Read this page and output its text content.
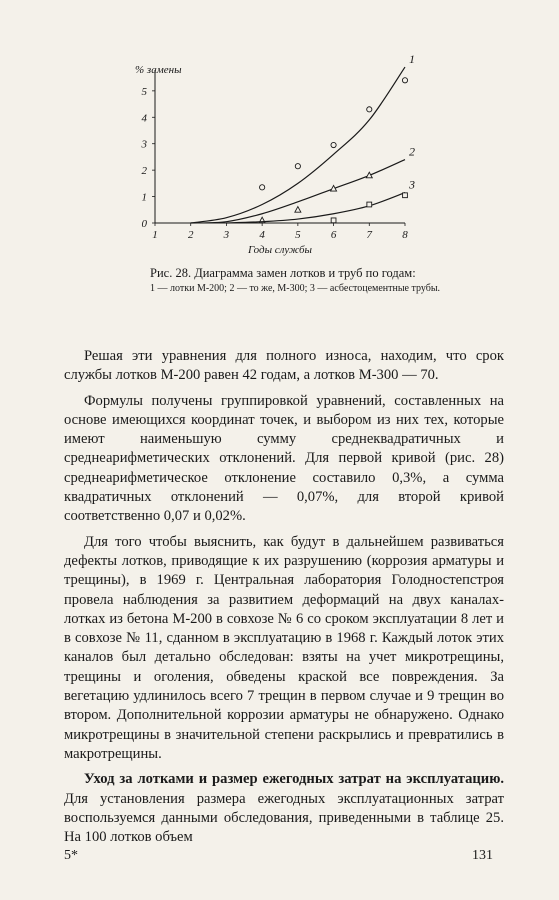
1	2	3	4	5	6	7	8
0
1
2
3
4
5
% замены
Годы службы
1
2
3
Рис. 28. Диаграмма замен лотков и труб по годам:
1 — лотки М-200; 2 — то же, М-300; 3 — асбестоцементные трубы.

Решая эти уравнения для полного износа, находим, что срок службы лотков М-200 равен 42 годам, а лотков М-300 — 70.

Формулы получены группировкой уравнений, составленных на основе имеющихся координат точек, и выбором из них тех, которые имеют наименьшую сумму среднеквадратичных и среднеарифметических отклонений. Для первой кривой (рис. 28) среднеарифметическое отклонение составило 0,3%, а сумма квадратичных отклонений — 0,07%, для второй кривой соответственно 0,07 и 0,02%.

Для того чтобы выяснить, как будут в дальнейшем развиваться дефекты лотков, приводящие к их разрушению (коррозия арматуры и трещины), в 1969 г. Центральная лаборатория Голодностепстроя провела наблюдения за развитием деформаций на двух каналах-лотках из бетона М-200 в совхозе № 6 со сроком эксплуатации 8 лет и в совхозе № 11, сданном в эксплуатацию в 1968 г. Каждый лоток этих каналов был детально обследован: взяты на учет микротрещины, трещины и оголения, обведены краской все повреждения. За вегетацию удлинилось всего 7 трещин в первом случае и 9 трещин во втором. Дополнительной коррозии арматуры не обнаружено. Однако микротрещины в значительной степени раскрылись и превратились в макротрещины.

Уход за лотками и размер ежегодных затрат на эксплуатацию. Для установления размера ежегодных эксплуатационных затрат воспользуемся данными обследования, приведенными в таблице 25. На 100 лотков объем

5*	131
